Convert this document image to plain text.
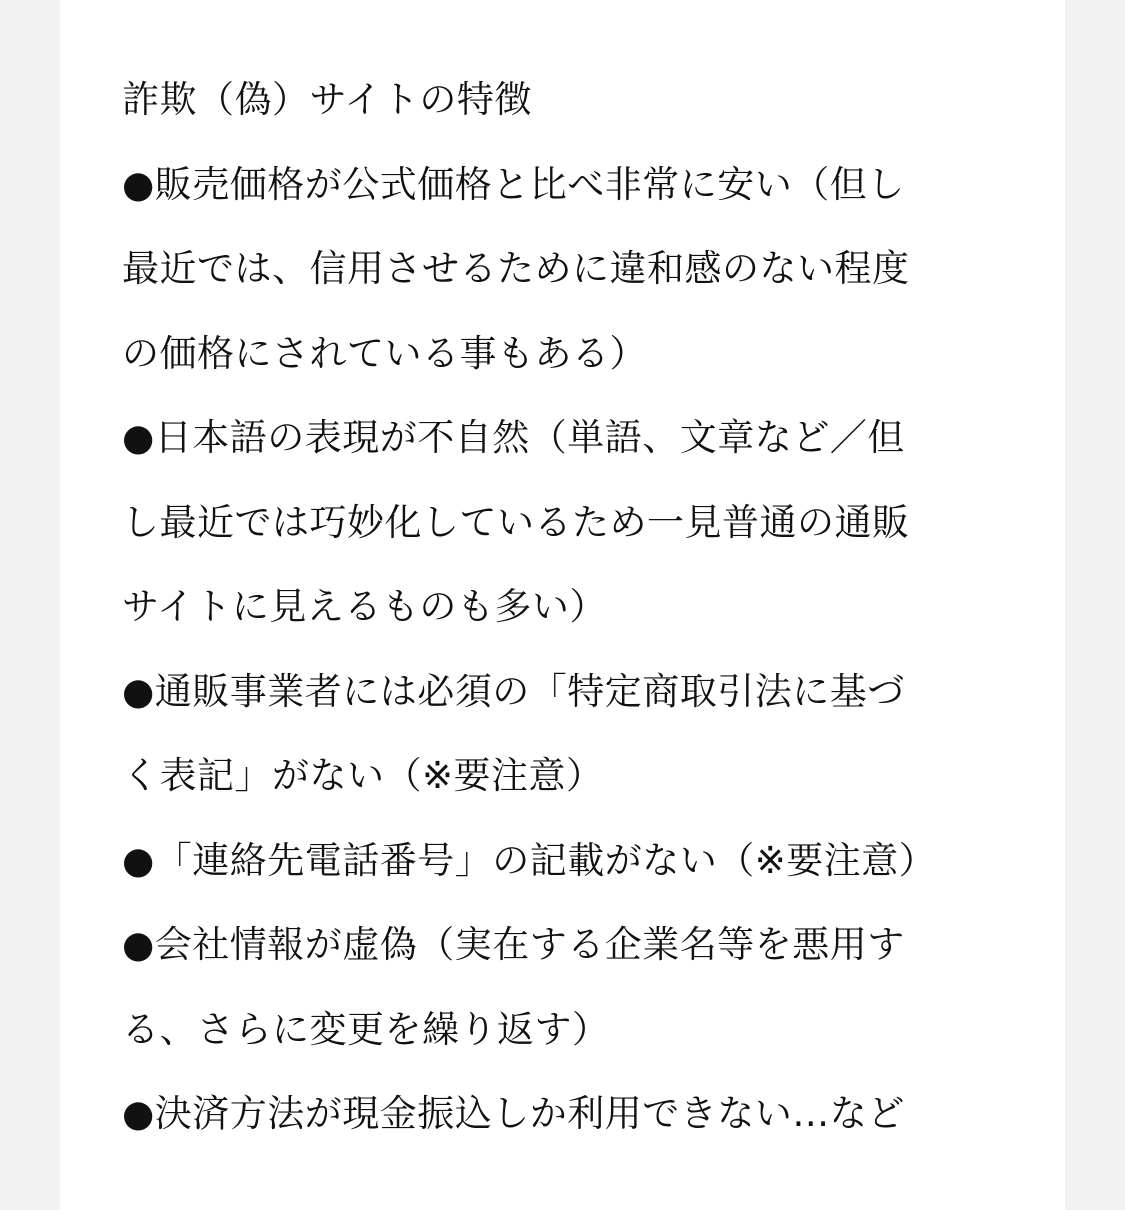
詐欺（偽）サイトの特徴
●販売価格が公式価格と比べ非常に安い（但し
最近では、信用させるために違和感のない程度
の価格にされている事もある）
●日本語の表現が不自然（単語、文章など／但
し最近では巧妙化しているため一見普通の通販
サイトに見えるものも多い）
●通販事業者には必須の「特定商取引法に基づ
く表記」がない（※要注意）
●「連絡先電話番号」の記載がない（※要注意）
●会社情報が虚偽（実在する企業名等を悪用す
る、さらに変更を繰り返す）
●決済方法が現金振込しか利用できない…など
